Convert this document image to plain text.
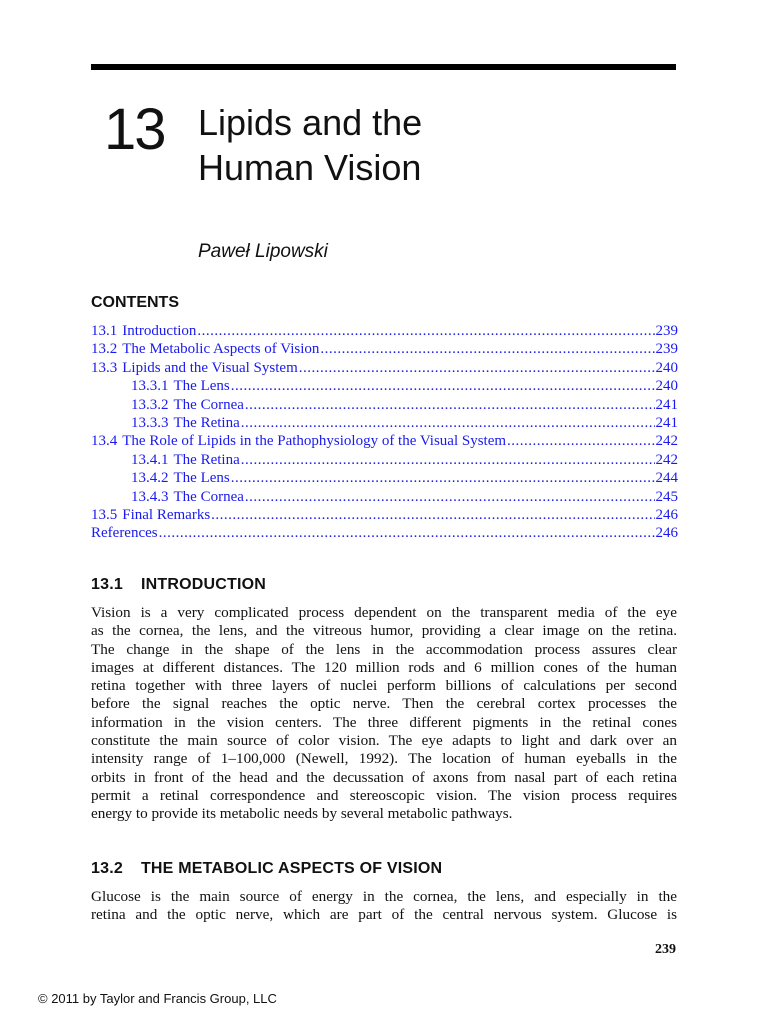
13 Lipids and the
Human Vision
Paweł Lipowski
CONTENTS
13.1 Introduction .....	239
13.2 The Metabolic Aspects of Vision .....	239
13.3 Lipids and the Visual System .....	240
13.3.1 The Lens .....	240
13.3.2 The Cornea .....	241
13.3.3 The Retina .....	241
13.4 The Role of Lipids in the Pathophysiology of the Visual System .....	242
13.4.1 The Retina .....	242
13.4.2 The Lens .....	244
13.4.3 The Cornea .....	245
13.5 Final Remarks .....	246
References .....	246
13.1 INTRODUCTION
Vision is a very complicated process dependent on the transparent media of the eye
as the cornea, the lens, and the vitreous humor, providing a clear image on the retina.
The change in the shape of the lens in the accommodation process assures clear
images at different distances. The 120 million rods and 6 million cones of the human
retina together with three layers of nuclei perform billions of calculations per second
before the signal reaches the optic nerve. Then the cerebral cortex processes the
information in the vision centers. The three different pigments in the retinal cones
constitute the main source of color vision. The eye adapts to light and dark over an
intensity range of 1–100,000 (Newell, 1992). The location of human eyeballs in the
orbits in front of the head and the decussation of axons from nasal part of each retina
permit a retinal correspondence and stereoscopic vision. The vision process requires
energy to provide its metabolic needs by several metabolic pathways.
13.2 THE METABOLIC ASPECTS OF VISION
Glucose is the main source of energy in the cornea, the lens, and especially in the
retina and the optic nerve, which are part of the central nervous system. Glucose is
239
© 2011 by Taylor and Francis Group, LLC
